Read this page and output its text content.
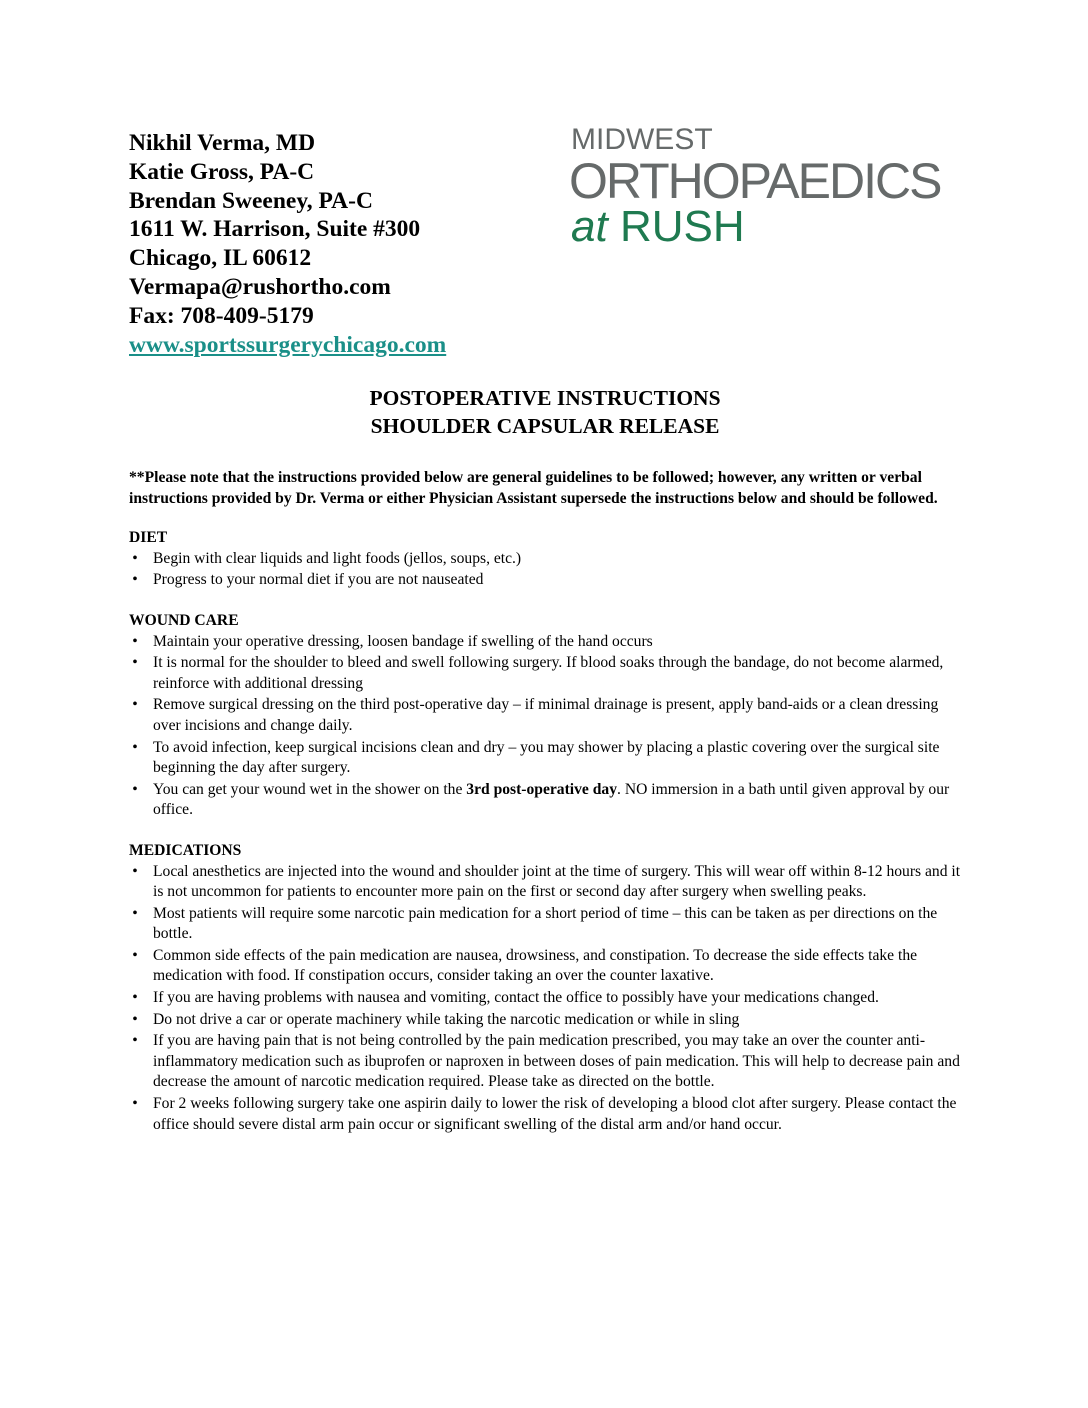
Nikhil Verma, MD
Katie Gross, PA-C
Brendan Sweeney, PA-C
1611 W. Harrison, Suite #300
Chicago, IL 60612
Vermapa@rushortho.com
Fax: 708-409-5179
www.sportssurgerychicago.com
MIDWEST
ORTHOPAEDICS
at RUSH
POSTOPERATIVE INSTRUCTIONS
SHOULDER CAPSULAR RELEASE

**Please note that the instructions provided below are general guidelines to be followed; however, any written or verbal instructions provided by Dr. Verma or either Physician Assistant supersede the instructions below and should be followed.

DIET
• Begin with clear liquids and light foods (jellos, soups, etc.)
• Progress to your normal diet if you are not nauseated
WOUND CARE
• Maintain your operative dressing, loosen bandage if swelling of the hand occurs
• It is normal for the shoulder to bleed and swell following surgery. If blood soaks through the bandage, do not become alarmed, reinforce with additional dressing
• Remove surgical dressing on the third post-operative day – if minimal drainage is present, apply band-aids or a clean dressing over incisions and change daily.
• To avoid infection, keep surgical incisions clean and dry – you may shower by placing a plastic covering over the surgical site beginning the day after surgery.
• You can get your wound wet in the shower on the 3rd post-operative day. NO immersion in a bath until given approval by our office.
MEDICATIONS
• Local anesthetics are injected into the wound and shoulder joint at the time of surgery. This will wear off within 8-12 hours and it is not uncommon for patients to encounter more pain on the first or second day after surgery when swelling peaks.
• Most patients will require some narcotic pain medication for a short period of time – this can be taken as per directions on the bottle.
• Common side effects of the pain medication are nausea, drowsiness, and constipation. To decrease the side effects take the medication with food. If constipation occurs, consider taking an over the counter laxative.
• If you are having problems with nausea and vomiting, contact the office to possibly have your medications changed.
• Do not drive a car or operate machinery while taking the narcotic medication or while in sling
• If you are having pain that is not being controlled by the pain medication prescribed, you may take an over the counter anti-inflammatory medication such as ibuprofen or naproxen in between doses of pain medication. This will help to decrease pain and decrease the amount of narcotic medication required. Please take as directed on the bottle.
• For 2 weeks following surgery take one aspirin daily to lower the risk of developing a blood clot after surgery. Please contact the office should severe distal arm pain occur or significant swelling of the distal arm and/or hand occur.
